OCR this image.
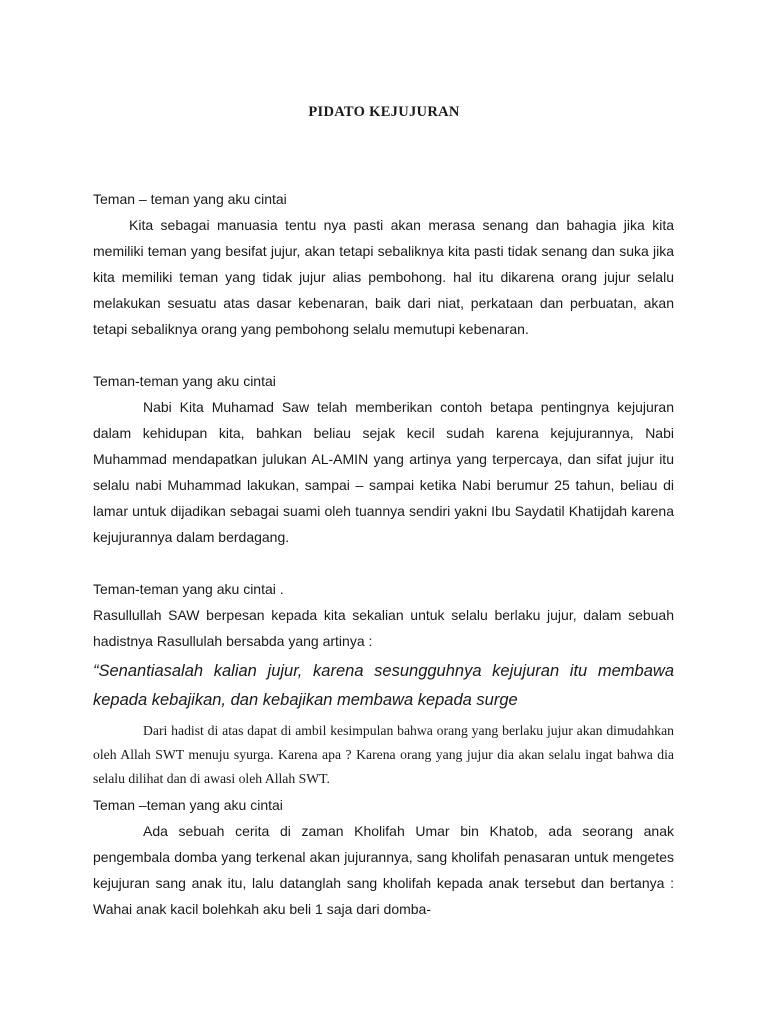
PIDATO KEJUJURAN

Teman – teman yang aku cintai

Kita sebagai manuasia tentu nya pasti akan merasa senang dan bahagia jika kita memiliki teman yang besifat jujur, akan tetapi sebaliknya kita pasti tidak senang dan suka jika kita memiliki teman yang tidak jujur alias pembohong. hal itu dikarena orang jujur selalu melakukan sesuatu atas dasar kebenaran, baik dari niat, perkataan dan perbuatan, akan tetapi sebaliknya orang yang pembohong selalu memutupi kebenaran.

Teman-teman yang aku cintai

Nabi Kita Muhamad Saw telah memberikan contoh betapa pentingnya kejujuran dalam kehidupan kita, bahkan beliau sejak kecil sudah karena kejujurannya, Nabi Muhammad mendapatkan julukan AL-AMIN yang artinya yang terpercaya, dan sifat jujur itu selalu nabi Muhammad lakukan, sampai – sampai ketika Nabi berumur 25 tahun, beliau di lamar untuk dijadikan sebagai suami oleh tuannya sendiri yakni Ibu Saydatil Khatijdah karena kejujurannya dalam berdagang.

Teman-teman yang aku cintai .

Rasullullah SAW berpesan kepada kita sekalian untuk selalu berlaku jujur, dalam sebuah hadistnya Rasullulah bersabda yang artinya :

“Senantiasalah kalian jujur, karena sesungguhnya kejujuran itu membawa kepada kebajikan, dan kebajikan membawa kepada surge

Dari hadist di atas dapat di ambil kesimpulan bahwa orang yang berlaku jujur akan dimudahkan oleh Allah SWT menuju syurga. Karena apa ? Karena orang yang jujur dia akan selalu ingat bahwa dia selalu dilihat dan di awasi oleh Allah SWT.

Teman –teman yang aku cintai

Ada sebuah cerita di zaman Kholifah Umar bin Khatob, ada seorang anak pengembala domba yang terkenal akan jujurannya, sang kholifah penasaran untuk mengetes kejujuran sang anak itu, lalu datanglah sang kholifah kepada anak tersebut dan bertanya : Wahai anak kacil bolehkah aku beli 1 saja dari domba-
